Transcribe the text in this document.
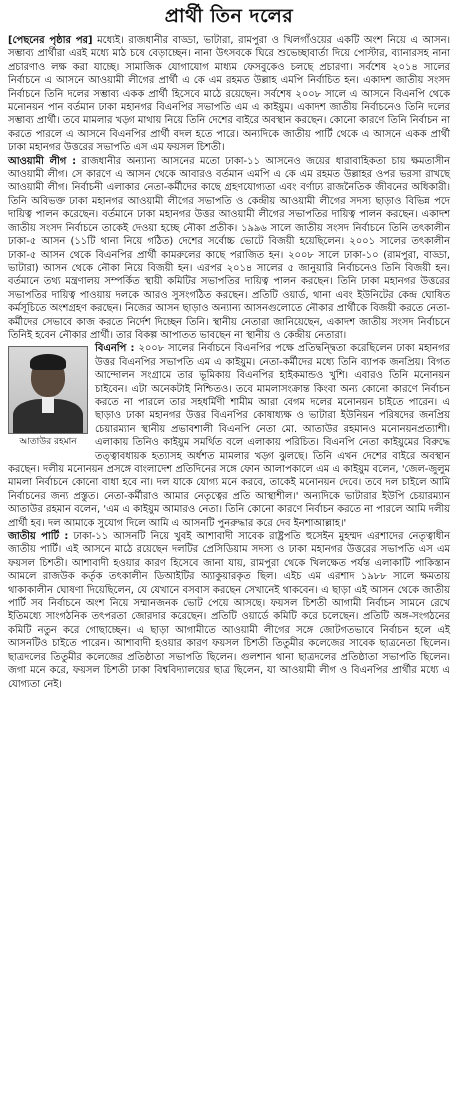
প্রার্থী তিন দলের

[পেছনের পৃষ্ঠার পর] মধ্যেই। রাজধানীর বাড্ডা, ভাটারা, রামপুরা ও খিলগাঁওয়ের একটি অংশ নিয়ে এ আসন। সম্ভাব্য প্রার্থীরা এরই মধ্যে মাঠ চষে বেড়াচ্ছেন। নানা উৎসবকে ঘিরে শুভেচ্ছাবার্তা দিয়ে পোস্টার, ব্যানারসহ নানা প্রচারণাও লক্ষ করা যাচ্ছে। সামাজিক যোগাযোগ মাধ্যম ফেসবুকেও চলছে প্রচারণা। সর্বশেষ ২০১৪ সালের নির্বাচনে এ আসনে আওয়ামী লীগের প্রার্থী এ কে এম রহমত উল্লাহ এমপি নির্বাচিত হন। একাদশ জাতীয় সংসদ নির্বাচনে তিনি দলের সম্ভাব্য একক প্রার্থী হিসেবে মাঠে রয়েছেন। সর্বশেষ ২০০৮ সালে এ আসনে বিএনপি থেকে মনোনয়ন পান বর্তমান ঢাকা মহানগর বিএনপির সভাপতি এম এ কাইয়ুম। একাদশ জাতীয় নির্বাচনেও তিনি দলের সম্ভাব্য প্রার্থী। তবে মামলার খড়্গ মাথায় নিয়ে তিনি দেশের বাইরে অবস্থান করছেন। কোনো কারণে তিনি নির্বাচন না করতে পারলে এ আসনে বিএনপির প্রার্থী বদল হতে পারে। অন্যদিকে জাতীয় পার্টি থেকে এ আসনে একক প্রার্থী ঢাকা মহানগর উত্তরের সভাপতি এস এম ফয়সল চিশতী।

আওয়ামী লীগ : রাজধানীর অন্যান্য আসনের মতো ঢাকা-১১ আসনেও জয়ের ধারাবাহিকতা চায় ক্ষমতাসীন আওয়ামী লীগ। সে কারণে এ আসন থেকে আবারও বর্তমান এমপি এ কে এম রহমত উল্লাহর ওপর ভরসা রাখছে আওয়ামী লীগ। নির্বাচনী এলাকার নেতা-কর্মীদের কাছে গ্রহণযোগ্যতা এবং বর্ণাঢ্য রাজনৈতিক জীবনের অধিকারী। তিনি অবিভক্ত ঢাকা মহানগর আওয়ামী লীগের সভাপতি ও কেন্দ্রীয় আওয়ামী লীগের সদস্য ছাড়াও বিভিন্ন পদে দায়িত্ব পালন করেছেন। বর্তমানে ঢাকা মহানগর উত্তর আওয়ামী লীগের সভাপতির দায়িত্ব পালন করছেন। একাদশ জাতীয় সংসদ নির্বাচনে তাকেই দেওয়া হচ্ছে নৌকা প্রতীক। ১৯৯৬ সালে জাতীয় সংসদ নির্বাচনে তিনি তৎকালীন ঢাকা-৫ আসন (১১টি থানা নিয়ে গঠিত) দেশের সর্বোচ্চ ভোটে বিজয়ী হয়েছিলেন। ২০০১ সালের তৎকালীন ঢাকা-৫ আসন থেকে বিএনপির প্রার্থী কামরুলের কাছে পরাজিত হন। ২০০৮ সালে ঢাকা-১০ (রামপুরা, বাড্ডা, ভাটারা) আসন থেকে নৌকা নিয়ে বিজয়ী হন। এরপর ২০১৪ সালের ৫ জানুয়ারি নির্বাচনেও তিনি বিজয়ী হন। বর্তমানে তথ্য মন্ত্রণালয় সম্পর্কিত স্থায়ী কমিটির সভাপতির দায়িত্ব পালন করছেন। তিনি ঢাকা মহানগর উত্তরের সভাপতির দায়িত্ব পাওয়ায় দলকে আরও সুসংগঠিত করছেন। প্রতিটি ওয়ার্ড, থানা এবং ইউনিটের কেন্দ্র ঘোষিত কর্মসূচিতে অংশগ্রহণ করছেন। নিজের আসন ছাড়াও অন্যান্য আসনগুলোতে নৌকার প্রার্থীকে বিজয়ী করতে নেতা-কর্মীদের সেভাবে কাজ করতে নির্দেশ দিচ্ছেন তিনি। স্থানীয় নেতারা জানিয়েছেন, একাদশ জাতীয় সংসদ নির্বাচনে তিনিই হবেন নৌকার প্রার্থী। তার বিকল্প আপাতত ভাবছেন না স্থানীয় ও কেন্দ্রীয় নেতারা।

বিএনপি :
আতাউর রহমান
২০০৮ সালের নির্বাচনে বিএনপির পক্ষে প্রতিদ্বন্দ্বিতা করেছিলেন ঢাকা মহানগর উত্তর বিএনপির সভাপতি এম এ কাইয়ুম। নেতা-কর্মীদের মধ্যে তিনি ব্যাপক জনপ্রিয়। বিগত আন্দোলন সংগ্রামে তার ভূমিকায় বিএনপির হাইকমান্ডও খুশি। এবারও তিনি মনোনয়ন চাইবেন। এটা অনেকটাই নিশ্চিতও। তবে মামলাসংক্রান্ত কিংবা অন্য কোনো কারণে নির্বাচন করতে না পারলে তার সহধর্মিণী শামীম আরা বেগম দলের মনোনয়ন চাইতে পারেন। এ ছাড়াও ঢাকা মহানগর উত্তর বিএনপির কোষাধ্যক্ষ ও ভাটারা ইউনিয়ন পরিষদের জনপ্রিয় চেয়ারম্যান স্থানীয় প্রভাবশালী বিএনপি নেতা মো. আতাউর রহমানও মনোনয়নপ্রত্যাশী। এলাকায় তিনিও কাইয়ুম সমর্থিত বলে এলাকায় পরিচিত। বিএনপি নেতা কাইয়ুমের বিরুদ্ধে তত্ত্বাবধায়ক হত্যাসহ অর্ধশত মামলার খড়্গ ঝুলছে। তিনি এখন দেশের বাইরে অবস্থান করছেন। দলীয় মনোনয়ন প্রসঙ্গে বাংলাদেশ প্রতিদিনের সঙ্গে ফোন আলাপকালে এম এ কাইয়ুম বলেন, 'জেল-জুলুম মামলা নির্বাচনে কোনো বাধা হবে না। দল যাকে যোগ্য মনে করবে, তাকেই মনোনয়ন দেবে। তবে দল চাইলে আমি নির্বাচনের জন্য প্রস্তুত। নেতা-কর্মীরাও আমার নেতৃত্বের প্রতি আস্থাশীল।' অন্যদিকে ভাটারার ইউপি চেয়ারম্যান আতাউর রহমান বলেন, 'এম এ কাইয়ুম আমারও নেতা। তিনি কোনো কারণে নির্বাচন করতে না পারলে আমি দলীয় প্রার্থী হব। দল আমাকে সুযোগ দিলে আমি এ আসনটি পুনরুদ্ধার করে দেব ইনশাআল্লাহ।'

জাতীয় পার্টি : ঢাকা-১১ আসনটি নিয়ে খুবই আশাবাদী সাবেক রাষ্ট্রপতি হুসেইন মুহম্মদ এরশাদের নেতৃত্বাধীন জাতীয় পার্টি। এই আসনে মাঠে রয়েছেন দলটির প্রেসিডিয়াম সদস্য ও ঢাকা মহানগর উত্তরের সভাপতি এস এম ফয়সল চিশতী। আশাবাদী হওয়ার কারণ হিসেবে জানা যায়, রামপুরা থেকে খিলক্ষেত পর্যন্ত এলাকাটি পাকিস্তান আমলে রাজউক কর্তৃক তৎকালীন ডিআইটির অ্যাকুয়ারকৃত ছিল। এইচ এম এরশাদ ১৯৮৮ সালে ক্ষমতায় থাকাকালীন ঘোষণা দিয়েছিলেন, যে যেখানে বসবাস করছেন সেখানেই থাকবেন। এ ছাড়া এই আসন থেকে জাতীয় পার্টি সব নির্বাচনে অংশ নিয়ে সম্মানজনক ভোট পেয়ে আসছে। ফয়সল চিশতী আগামী নির্বাচন সামনে রেখে ইতিমধ্যে সাংগঠনিক তৎপরতা জোরদার করেছেন। প্রতিটি ওয়ার্ডে কমিটি করে চলেছেন। প্রতিটি অঙ্গ-সংগঠনের কমিটি নতুন করে গোছাচ্ছেন। এ ছাড়া আগামীতে আওয়ামী লীগের সঙ্গে জোটগতভাবে নির্বাচন হলে এই আসনটিও চাইতে পারেন। আশাবাদী হওয়ার কারণ ফয়সল চিশতী তিতুমীর কলেজের সাবেক ছাত্রনেতা ছিলেন। ছাত্রদলের তিতুমীর কলেজের প্রতিষ্ঠাতা সভাপতি ছিলেন। গুলশান থানা ছাত্রদলের প্রতিষ্ঠাতা সভাপতি ছিলেন। জগা মনে করে, ফয়সল চিশতী ঢাকা বিশ্ববিদ্যালয়ের ছাত্র ছিলেন, যা আওয়ামী লীগ ও বিএনপির প্রার্থীর মধ্যে এ যোগ্যতা নেই।
